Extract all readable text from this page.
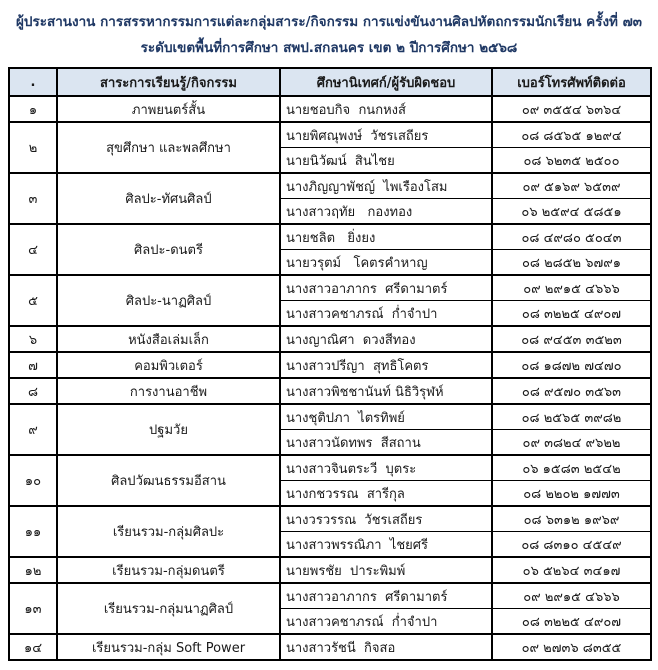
ผู้ประสานงาน การสรรหากรรมการแต่ละกลุ่มสาระ/กิจกรรม การแข่งขันงานศิลปหัตถกรรมนักเรียน ครั้งที่ ๗๓
ระดับเขตพื้นที่การศึกษา สพป.สกลนคร เขต ๒ ปีการศึกษา ๒๕๖๘
.	สาระการเรียนรู้/กิจกรรม	ศึกษานิเทศก์/ผู้รับผิดชอบ	เบอร์โทรศัพท์ติดต่อ
๑	ภาพยนตร์สั้น	นายชอบกิจ  กนกหงส์	๐๙ ๓๕๕๔ ๖๓๖๔
๒	สุขศึกษา และพลศึกษา	นายพิศณุพงษ์  วัชรเสถียร	๐๘ ๘๕๖๕ ๑๒๙๔
		นายนิวัฒน์  สินไชย	๐๘ ๖๒๓๕ ๒๕๐๐
๓	ศิลปะ-ทัศนศิลป์	นางภิญญาพัชญ์  ไพเรืองโสม	๐๙ ๕๑๖๙ ๖๕๓๙
		นางสาวฤทัย   กองทอง	๐๖ ๒๕๙๔ ๕๘๕๑
๔	ศิลปะ-ดนตรี	นายชลิต   ยิ่งยง	๐๘ ๔๙๘๐ ๕๐๔๓
		นายวรุตม์   โคตรคำหาญ	๐๘ ๒๘๕๒ ๖๗๙๑
๕	ศิลปะ-นาฏศิลป์	นางสาวอาภากร  ศรีดามาตร์	๐๙ ๒๙๑๕ ๔๖๖๖
		นางสาวคชาภรณ์  ก่ำจำปา	๐๘ ๓๒๒๕ ๔๙๐๗
๖	หนังสือเล่มเล็ก	นางญาณิศา  ดวงสีทอง	๐๘ ๙๔๕๓ ๓๕๒๓
๗	คอมพิวเตอร์	นางสาวปรีญา  สุทธิโคตร	๐๘ ๑๘๗๒ ๗๔๗๐
๘	การงานอาชีพ	นางสาวพิชชานันท์ นิธิวิรุฬห์	๐๘ ๙๕๗๐ ๓๕๖๓
๙	ปฐมวัย	นางชุติปภา  ไตรทิพย์	๐๘ ๒๕๖๕ ๓๙๘๒
		นางสาวนัดทพร  สีสถาน	๐๙ ๓๘๒๔ ๙๖๒๒
๑๐	ศิลปวัฒนธรรมอีสาน	นางสาวจินตระวี  บุตระ	๐๖ ๑๕๘๓ ๒๕๔๒
		นางกชวรรณ  สารีกุล	๐๘ ๒๒๐๒ ๑๗๗๓
๑๑	เรียนรวม-กลุ่มศิลปะ	นางวรวรรณ  วัชรเสถียร	๐๘ ๖๓๑๒ ๑๙๖๙
		นางสาวพรรณิภา  ไชยศรี	๐๘ ๘๓๑๐ ๔๕๔๙
๑๒	เรียนรวม-กลุ่มดนตรี	นายพรชัย  ปาระพิมพ์	๐๖ ๕๒๖๔ ๓๔๑๗
๑๓	เรียนรวม-กลุ่มนาฏศิลป์	นางสาวอาภากร  ศรีดามาตร์	๐๙ ๒๙๑๕ ๔๖๖๖
		นางสาวคชาภรณ์  ก่ำจำปา	๐๘ ๓๒๒๕ ๔๙๐๗
๑๔	เรียนรวม-กลุ่ม Soft Power	นางสาวรัชนี  กิจสอ	๐๙ ๒๗๓๖ ๘๓๕๕
